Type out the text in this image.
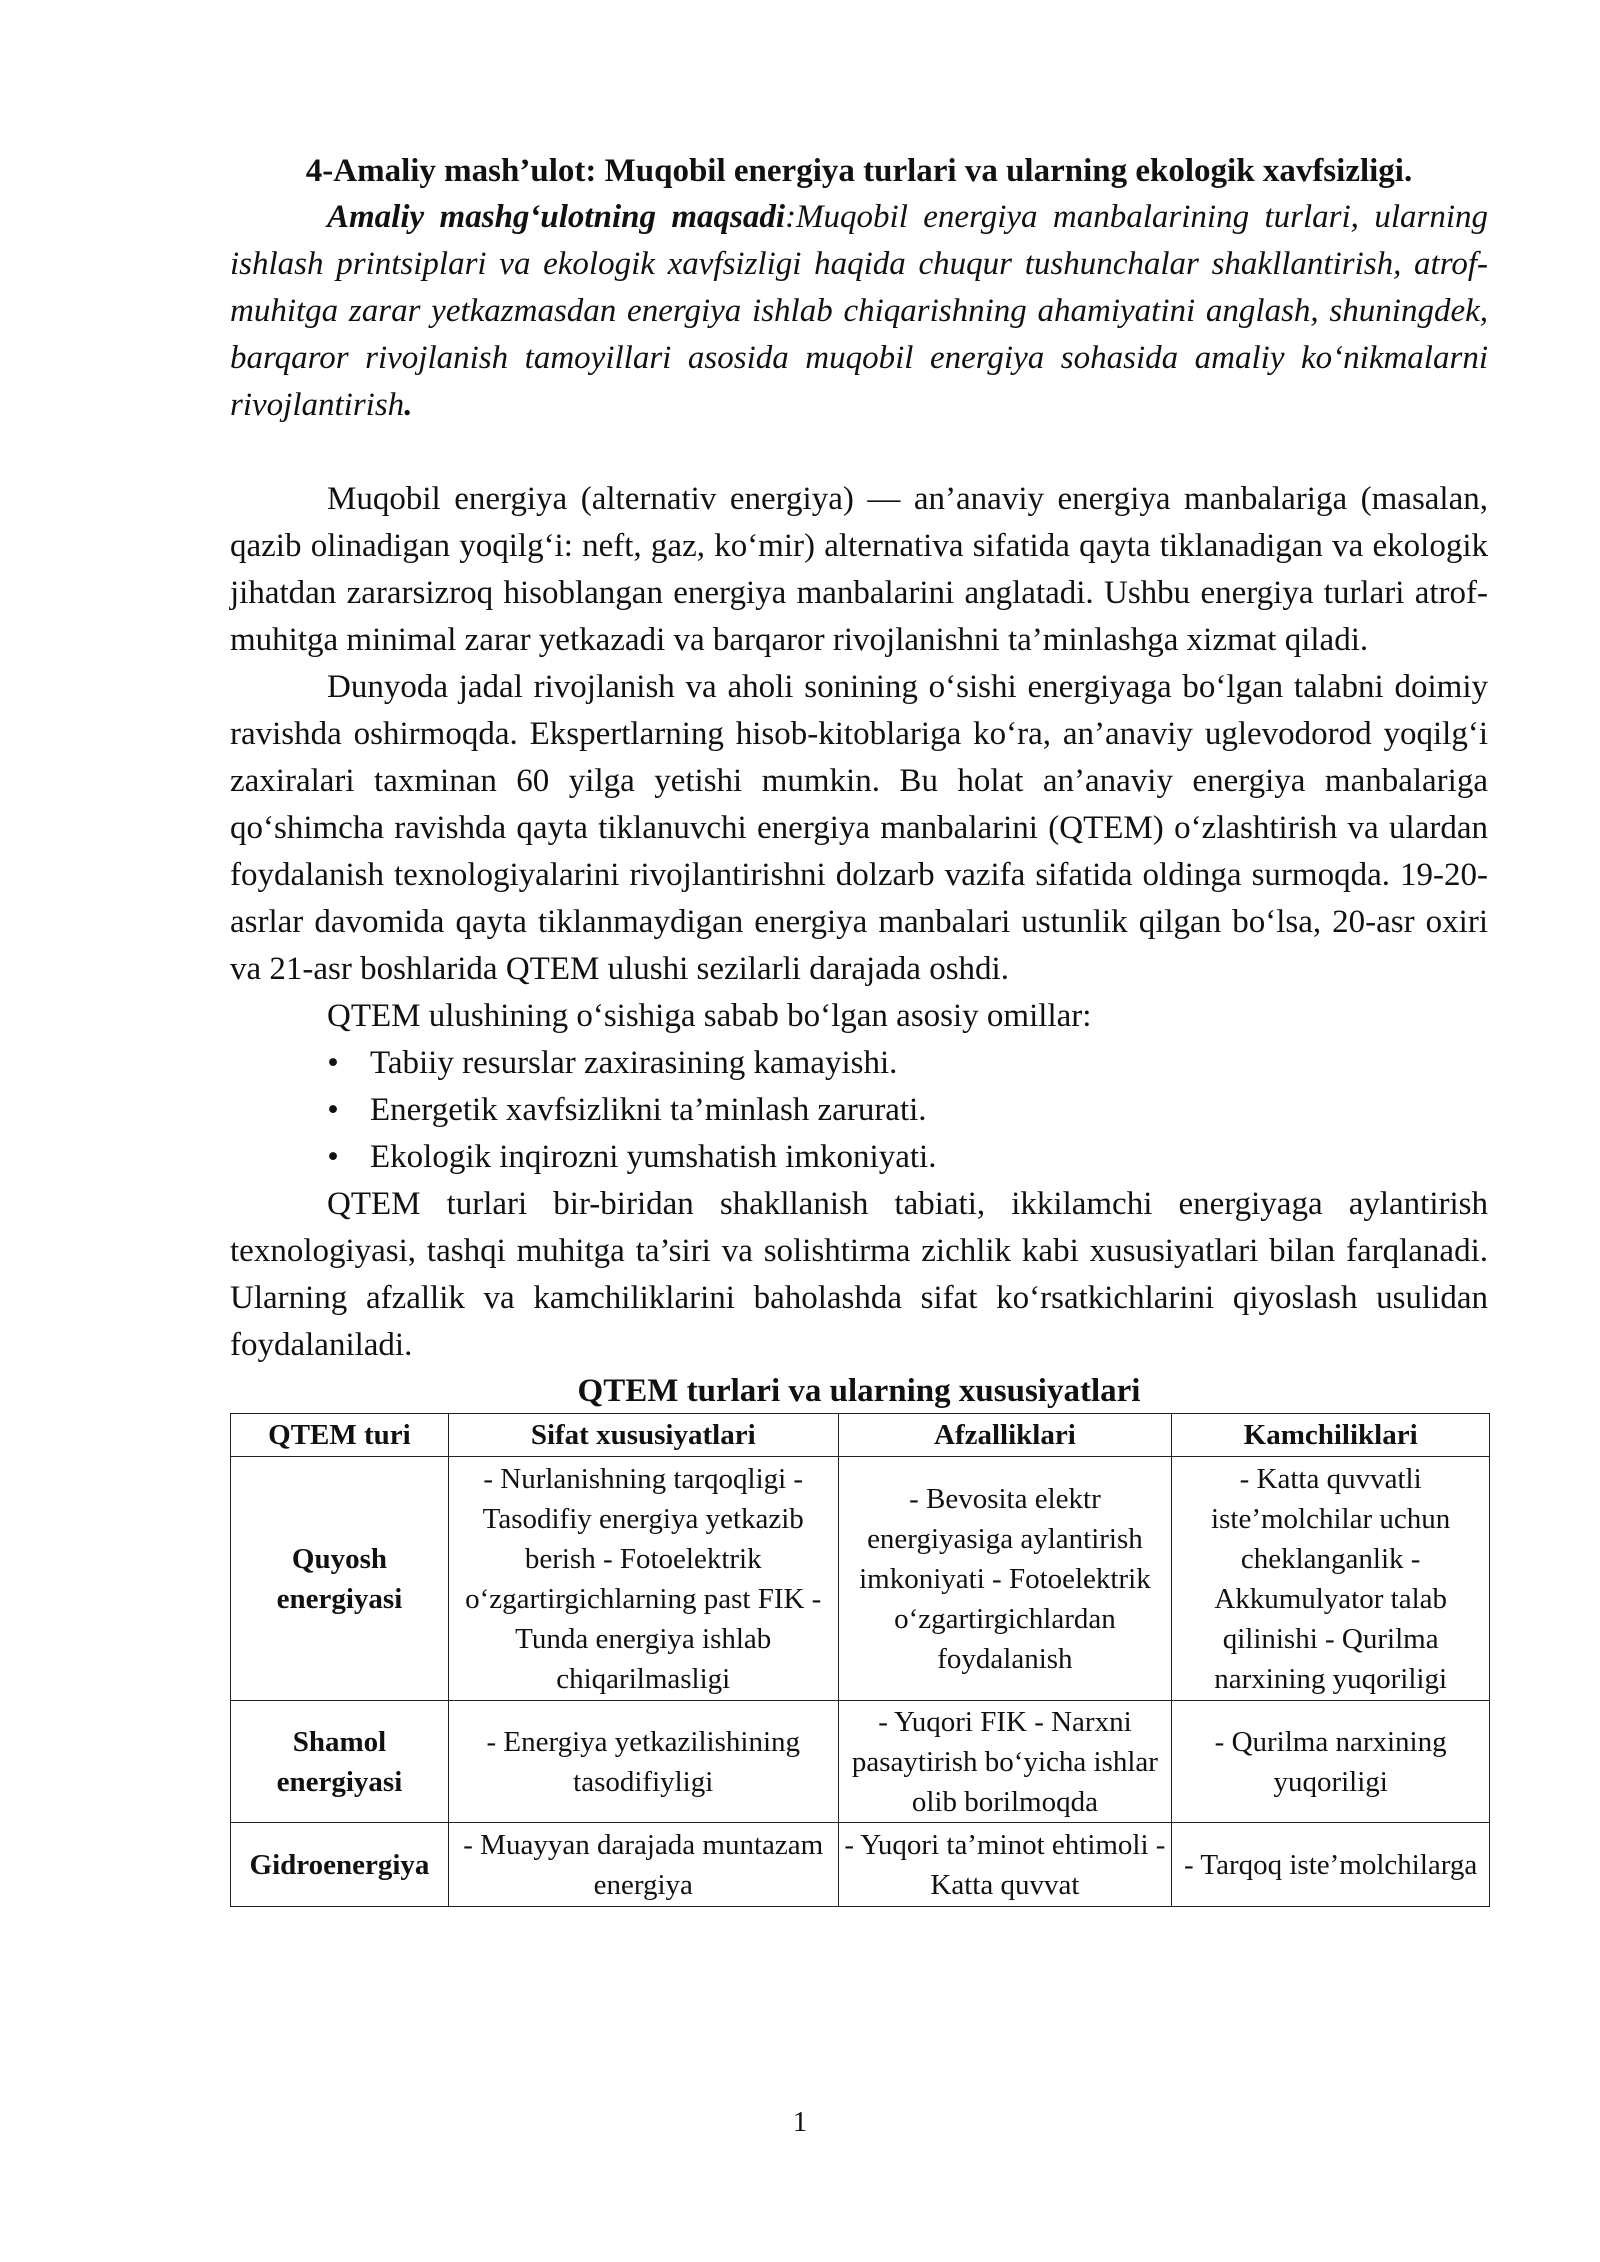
4-Amaliy mash’ulot: Muqobil energiya turlari va ularning ekologik xavfsizligi.

Amaliy mashg‘ulotning maqsadi:Muqobil energiya manbalarining turlari, ularning ishlash printsiplari va ekologik xavfsizligi haqida chuqur tushunchalar shakllantirish, atrof-muhitga zarar yetkazmasdan energiya ishlab chiqarishning ahamiyatini anglash, shuningdek, barqaror rivojlanish tamoyillari asosida muqobil energiya sohasida amaliy ko‘nikmalarni rivojlantirish.

Muqobil energiya (alternativ energiya) — an’anaviy energiya manbalariga (masalan, qazib olinadigan yoqilg‘i: neft, gaz, ko‘mir) alternativa sifatida qayta tiklanadigan va ekologik jihatdan zararsizroq hisoblangan energiya manbalarini anglatadi. Ushbu energiya turlari atrof-muhitga minimal zarar yetkazadi va barqaror rivojlanishni ta’minlashga xizmat qiladi.

Dunyoda jadal rivojlanish va aholi sonining o‘sishi energiyaga bo‘lgan talabni doimiy ravishda oshirmoqda. Ekspertlarning hisob-kitoblariga ko‘ra, an’anaviy uglevodorod yoqilg‘i zaxiralari taxminan 60 yilga yetishi mumkin. Bu holat an’anaviy energiya manbalariga qo‘shimcha ravishda qayta tiklanuvchi energiya manbalarini (QTEM) o‘zlashtirish va ulardan foydalanish texnologiyalarini rivojlantirishni dolzarb vazifa sifatida oldinga surmoqda. 19-20-asrlar davomida qayta tiklanmaydigan energiya manbalari ustunlik qilgan bo‘lsa, 20-asr oxiri va 21-asr boshlarida QTEM ulushi sezilarli darajada oshdi.

QTEM ulushining o‘sishiga sabab bo‘lgan asosiy omillar:

• Tabiiy resurslar zaxirasining kamayishi.
• Energetik xavfsizlikni ta’minlash zarurati.
• Ekologik inqirozni yumshatish imkoniyati.

QTEM turlari bir-biridan shakllanish tabiati, ikkilamchi energiyaga aylantirish texnologiyasi, tashqi muhitga ta’siri va solishtirma zichlik kabi xususiyatlari bilan farqlanadi. Ularning afzallik va kamchiliklarini baholashda sifat ko‘rsatkichlarini qiyoslash usulidan foydalaniladi.

QTEM turlari va ularning xususiyatlari
QTEM turi	Sifat xususiyatlari	Afzalliklari	Kamchiliklari
Quyosh energiyasi	- Nurlanishning tarqoqligi - Tasodifiy energiya yetkazib berish - Fotoelektrik o‘zgartirgichlarning past FIK - Tunda energiya ishlab chiqarilmasligi	- Bevosita elektr energiyasiga aylantirish imkoniyati - Fotoelektrik o‘zgartirgichlardan foydalanish	- Katta quvvatli iste’molchilar uchun cheklanganlik - Akkumulyator talab qilinishi - Qurilma narxining yuqoriligi
Shamol energiyasi	- Energiya yetkazilishining tasodifiyligi	- Yuqori FIK - Narxni pasaytirish bo‘yicha ishlar olib borilmoqda	- Qurilma narxining yuqoriligi
Gidroenergiya	- Muayyan darajada muntazam energiya	- Yuqori ta’minot ehtimoli - Katta quvvat	- Tarqoq iste’molchilarga
1
